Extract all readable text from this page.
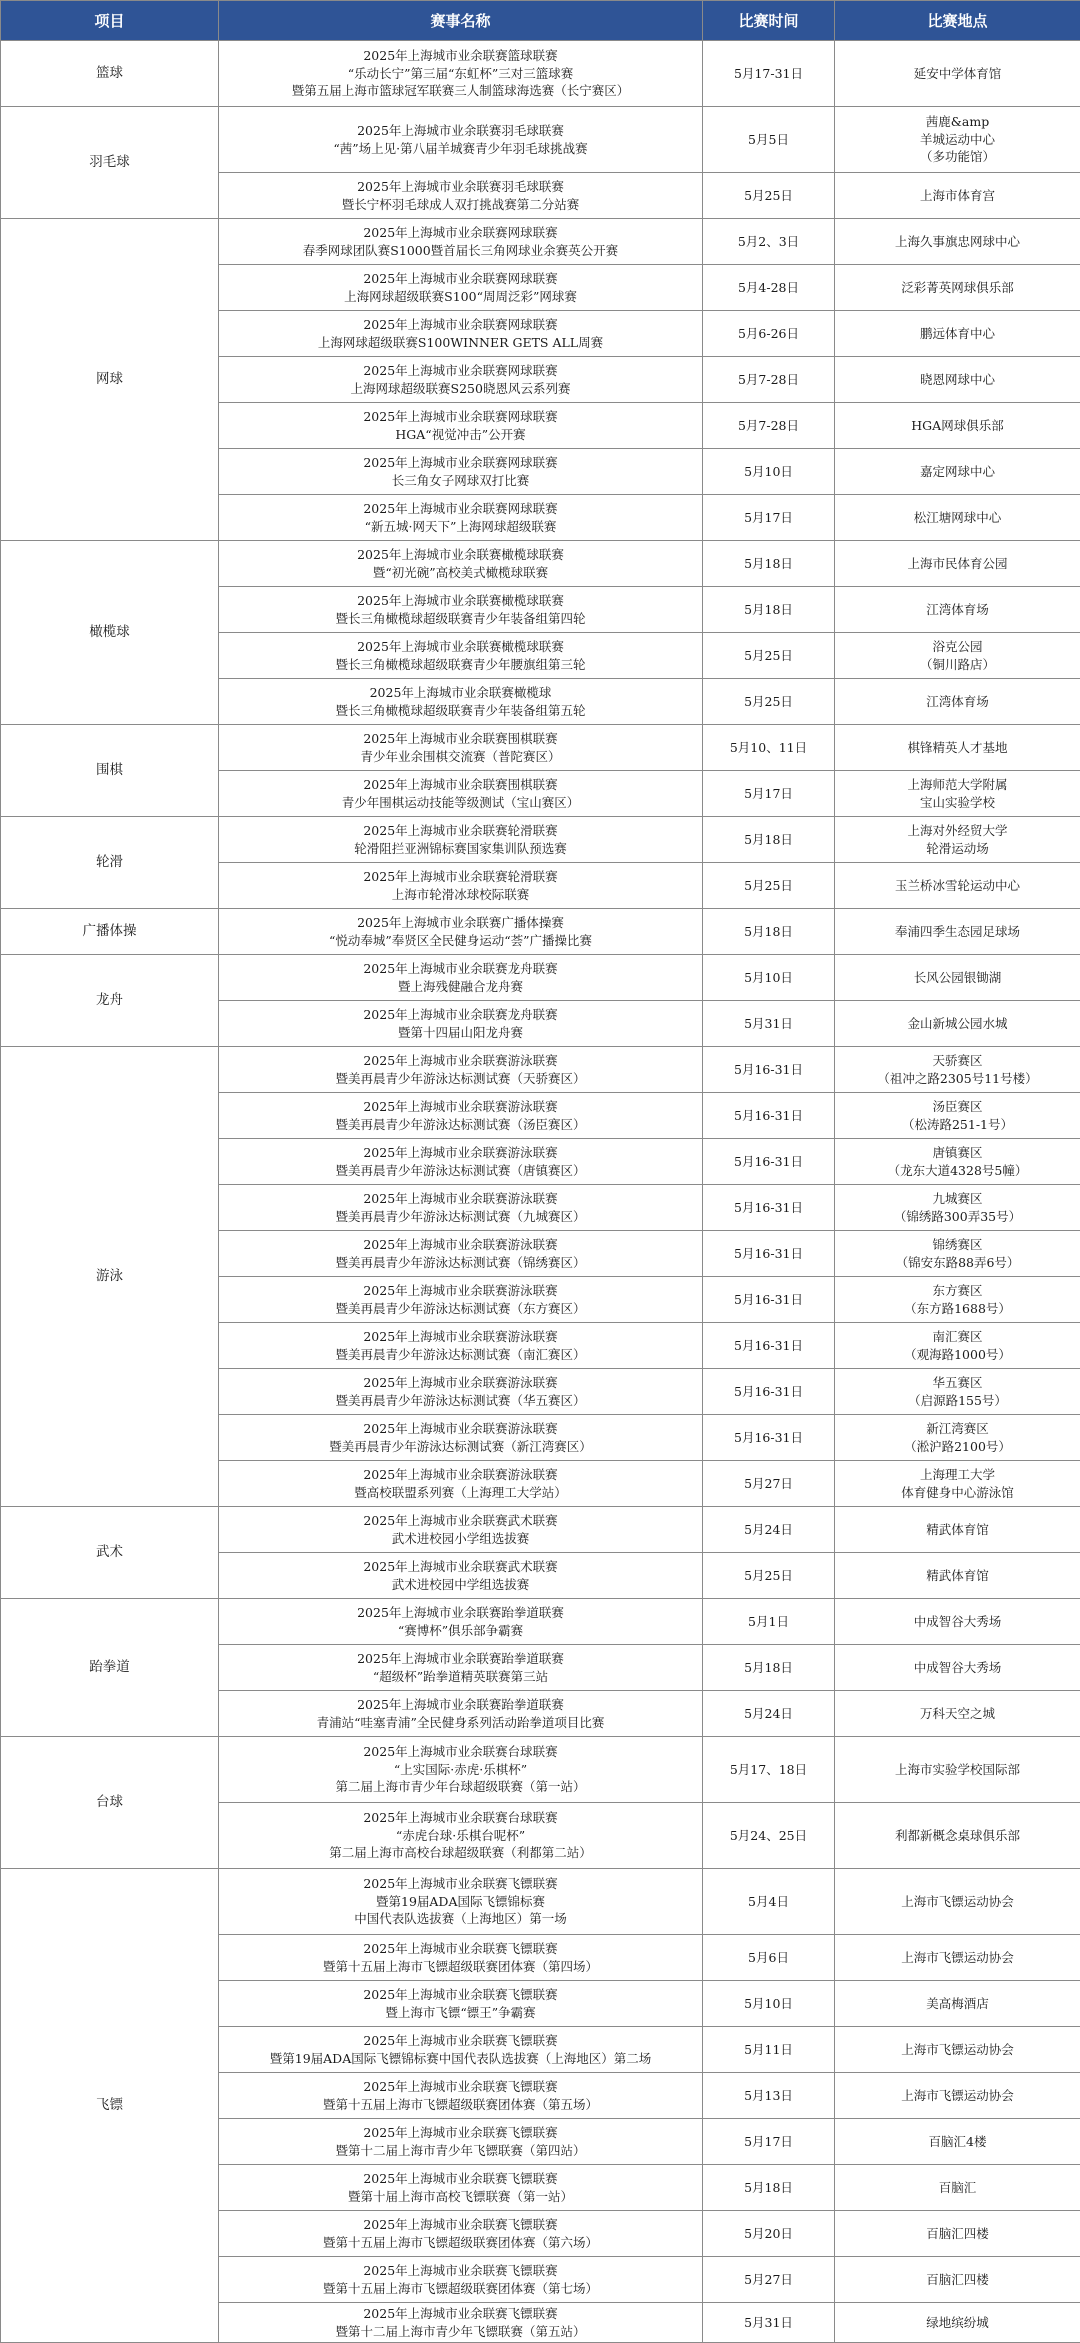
项目	赛事名称	比赛时间	比赛地点
篮球	2025年上海城市业余联赛篮球联赛
“乐动长宁”第三届“东虹杯”三对三篮球赛
暨第五届上海市篮球冠军联赛三人制篮球海选赛（长宁赛区）	5月17-31日	延安中学体育馆
羽毛球	2025年上海城市业余联赛羽毛球联赛
“茜”场上见·第八届羊城赛青少年羽毛球挑战赛	5月5日	茜鹿&amp
羊城运动中心
（多功能馆）
	2025年上海城市业余联赛羽毛球联赛
暨长宁杯羽毛球成人双打挑战赛第二分站赛	5月25日	上海市体育宫
网球	2025年上海城市业余联赛网球联赛
春季网球团队赛S1000暨首届长三角网球业余赛英公开赛	5月2、3日	上海久事旗忠网球中心
	2025年上海城市业余联赛网球联赛
上海网球超级联赛S100“周周泛彩”网球赛	5月4-28日	泛彩菁英网球俱乐部
	2025年上海城市业余联赛网球联赛
上海网球超级联赛S100WINNER GETS ALL周赛	5月6-26日	鹏远体育中心
	2025年上海城市业余联赛网球联赛
上海网球超级联赛S250晓恩风云系列赛	5月7-28日	晓恩网球中心
	2025年上海城市业余联赛网球联赛
HGA“视觉冲击”公开赛	5月7-28日	HGA网球俱乐部
	2025年上海城市业余联赛网球联赛
长三角女子网球双打比赛	5月10日	嘉定网球中心
	2025年上海城市业余联赛网球联赛
“新五城·网天下”上海网球超级联赛	5月17日	松江塘网球中心
橄榄球	2025年上海城市业余联赛橄榄球联赛
暨“初光碗”高校美式橄榄球联赛	5月18日	上海市民体育公园
	2025年上海城市业余联赛橄榄球联赛
暨长三角橄榄球超级联赛青少年装备组第四轮	5月18日	江湾体育场
	2025年上海城市业余联赛橄榄球联赛
暨长三角橄榄球超级联赛青少年腰旗组第三轮	5月25日	浴克公园
（铜川路店）
	2025年上海城市业余联赛橄榄球
暨长三角橄榄球超级联赛青少年装备组第五轮	5月25日	江湾体育场
围棋	2025年上海城市业余联赛围棋联赛
青少年业余围棋交流赛（普陀赛区）	5月10、11日	棋锋精英人才基地
	2025年上海城市业余联赛围棋联赛
青少年围棋运动技能等级测试（宝山赛区）	5月17日	上海师范大学附属
宝山实验学校
轮滑	2025年上海城市业余联赛轮滑联赛
轮滑阻拦亚洲锦标赛国家集训队预选赛	5月18日	上海对外经贸大学
轮滑运动场
	2025年上海城市业余联赛轮滑联赛
上海市轮滑冰球校际联赛	5月25日	玉兰桥冰雪轮运动中心
广播体操	2025年上海城市业余联赛广播体操赛
“悦动奉城”奉贤区全民健身运动“荟”广播操比赛	5月18日	奉浦四季生态园足球场
龙舟	2025年上海城市业余联赛龙舟联赛
暨上海残健融合龙舟赛	5月10日	长风公园银锄湖
	2025年上海城市业余联赛龙舟联赛
暨第十四届山阳龙舟赛	5月31日	金山新城公园水城
游泳	2025年上海城市业余联赛游泳联赛
暨美再晨青少年游泳达标测试赛（天骄赛区）	5月16-31日	天骄赛区
（祖冲之路2305号11号楼）
	2025年上海城市业余联赛游泳联赛
暨美再晨青少年游泳达标测试赛（汤臣赛区）	5月16-31日	汤臣赛区
（松涛路251-1号）
	2025年上海城市业余联赛游泳联赛
暨美再晨青少年游泳达标测试赛（唐镇赛区）	5月16-31日	唐镇赛区
（龙东大道4328号5幢）
	2025年上海城市业余联赛游泳联赛
暨美再晨青少年游泳达标测试赛（九城赛区）	5月16-31日	九城赛区
（锦绣路300弄35号）
	2025年上海城市业余联赛游泳联赛
暨美再晨青少年游泳达标测试赛（锦绣赛区）	5月16-31日	锦绣赛区
（锦安东路88弄6号）
	2025年上海城市业余联赛游泳联赛
暨美再晨青少年游泳达标测试赛（东方赛区）	5月16-31日	东方赛区
（东方路1688号）
	2025年上海城市业余联赛游泳联赛
暨美再晨青少年游泳达标测试赛（南汇赛区）	5月16-31日	南汇赛区
（观海路1000号）
	2025年上海城市业余联赛游泳联赛
暨美再晨青少年游泳达标测试赛（华五赛区）	5月16-31日	华五赛区
（启源路155号）
	2025年上海城市业余联赛游泳联赛
暨美再晨青少年游泳达标测试赛（新江湾赛区）	5月16-31日	新江湾赛区
（淞沪路2100号）
	2025年上海城市业余联赛游泳联赛
暨高校联盟系列赛（上海理工大学站）	5月27日	上海理工大学
体育健身中心游泳馆
武术	2025年上海城市业余联赛武术联赛
武术进校园小学组选拔赛	5月24日	精武体育馆
	2025年上海城市业余联赛武术联赛
武术进校园中学组选拔赛	5月25日	精武体育馆
跆拳道	2025年上海城市业余联赛跆拳道联赛
“赛博杯”俱乐部争霸赛	5月1日	中成智谷大秀场
	2025年上海城市业余联赛跆拳道联赛
“超级杯”跆拳道精英联赛第三站	5月18日	中成智谷大秀场
	2025年上海城市业余联赛跆拳道联赛
青浦站“哇塞青浦”全民健身系列活动跆拳道项目比赛	5月24日	万科天空之城
台球	2025年上海城市业余联赛台球联赛
“上实国际·赤虎·乐棋杯”
第二届上海市青少年台球超级联赛（第一站）	5月17、18日	上海市实验学校国际部
	2025年上海城市业余联赛台球联赛
“赤虎台球·乐棋台呢杯”
第二届上海市高校台球超级联赛（利都第二站）	5月24、25日	利都新概念桌球俱乐部
飞镖	2025年上海城市业余联赛飞镖联赛
暨第19届ADA国际飞镖锦标赛
中国代表队选拔赛（上海地区）第一场	5月4日	上海市飞镖运动协会
	2025年上海城市业余联赛飞镖联赛
暨第十五届上海市飞镖超级联赛团体赛（第四场）	5月6日	上海市飞镖运动协会
	2025年上海城市业余联赛飞镖联赛
暨上海市飞镖“镖王”争霸赛	5月10日	美高梅酒店
	2025年上海城市业余联赛飞镖联赛
暨第19届ADA国际飞镖锦标赛中国代表队选拔赛（上海地区）第二场	5月11日	上海市飞镖运动协会
	2025年上海城市业余联赛飞镖联赛
暨第十五届上海市飞镖超级联赛团体赛（第五场）	5月13日	上海市飞镖运动协会
	2025年上海城市业余联赛飞镖联赛
暨第十二届上海市青少年飞镖联赛（第四站）	5月17日	百脑汇4楼
	2025年上海城市业余联赛飞镖联赛
暨第十届上海市高校飞镖联赛（第一站）	5月18日	百脑汇
	2025年上海城市业余联赛飞镖联赛
暨第十五届上海市飞镖超级联赛团体赛（第六场）	5月20日	百脑汇四楼
	2025年上海城市业余联赛飞镖联赛
暨第十五届上海市飞镖超级联赛团体赛（第七场）	5月27日	百脑汇四楼
	2025年上海城市业余联赛飞镖联赛
暨第十二届上海市青少年飞镖联赛（第五站）	5月31日	绿地缤纷城
